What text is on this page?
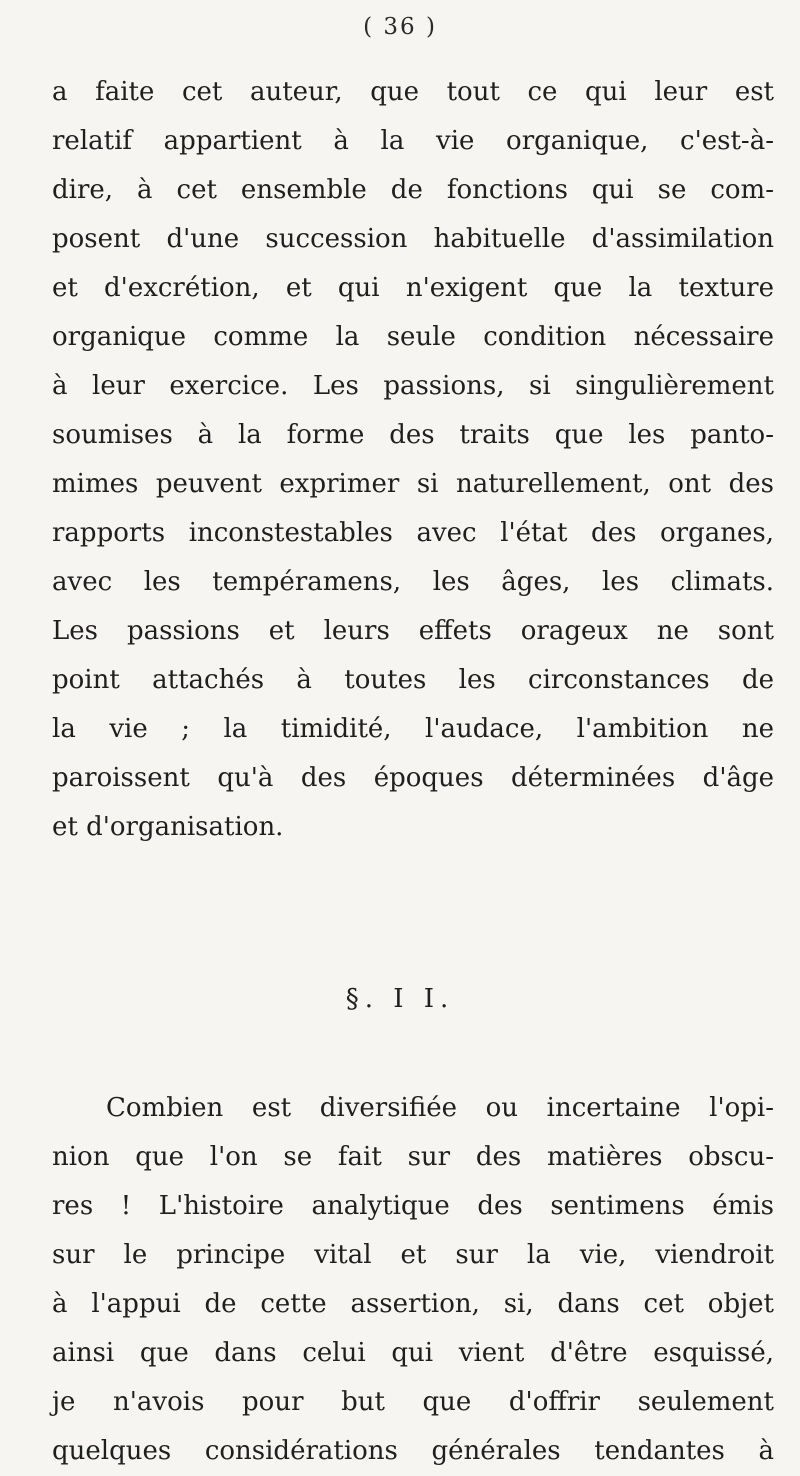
( 36 )
a faite cet auteur, que tout ce qui leur est
relatif appartient à la vie organique, c'est-à-
dire, à cet ensemble de fonctions qui se com-
posent d'une succession habituelle d'assimilation
et d'excrétion, et qui n'exigent que la texture
organique comme la seule condition nécessaire
à leur exercice. Les passions, si singulièrement
soumises à la forme des traits que les panto-
mimes peuvent exprimer si naturellement, ont des
rapports inconstestables avec l'état des organes,
avec les tempéramens, les âges, les climats.
Les passions et leurs effets orageux ne sont
point attachés à toutes les circonstances de
la vie ; la timidité, l'audace, l'ambition ne
paroissent qu'à des époques déterminées d'âge
et d'organisation.
§. I I.
Combien est diversifiée ou incertaine l'opi-
nion que l'on se fait sur des matières obscu-
res ! L'histoire analytique des sentimens émis
sur le principe vital et sur la vie, viendroit
à l'appui de cette assertion, si, dans cet objet
ainsi que dans celui qui vient d'être esquissé,
je n'avois pour but que d'offrir seulement
quelques considérations générales tendantes à
